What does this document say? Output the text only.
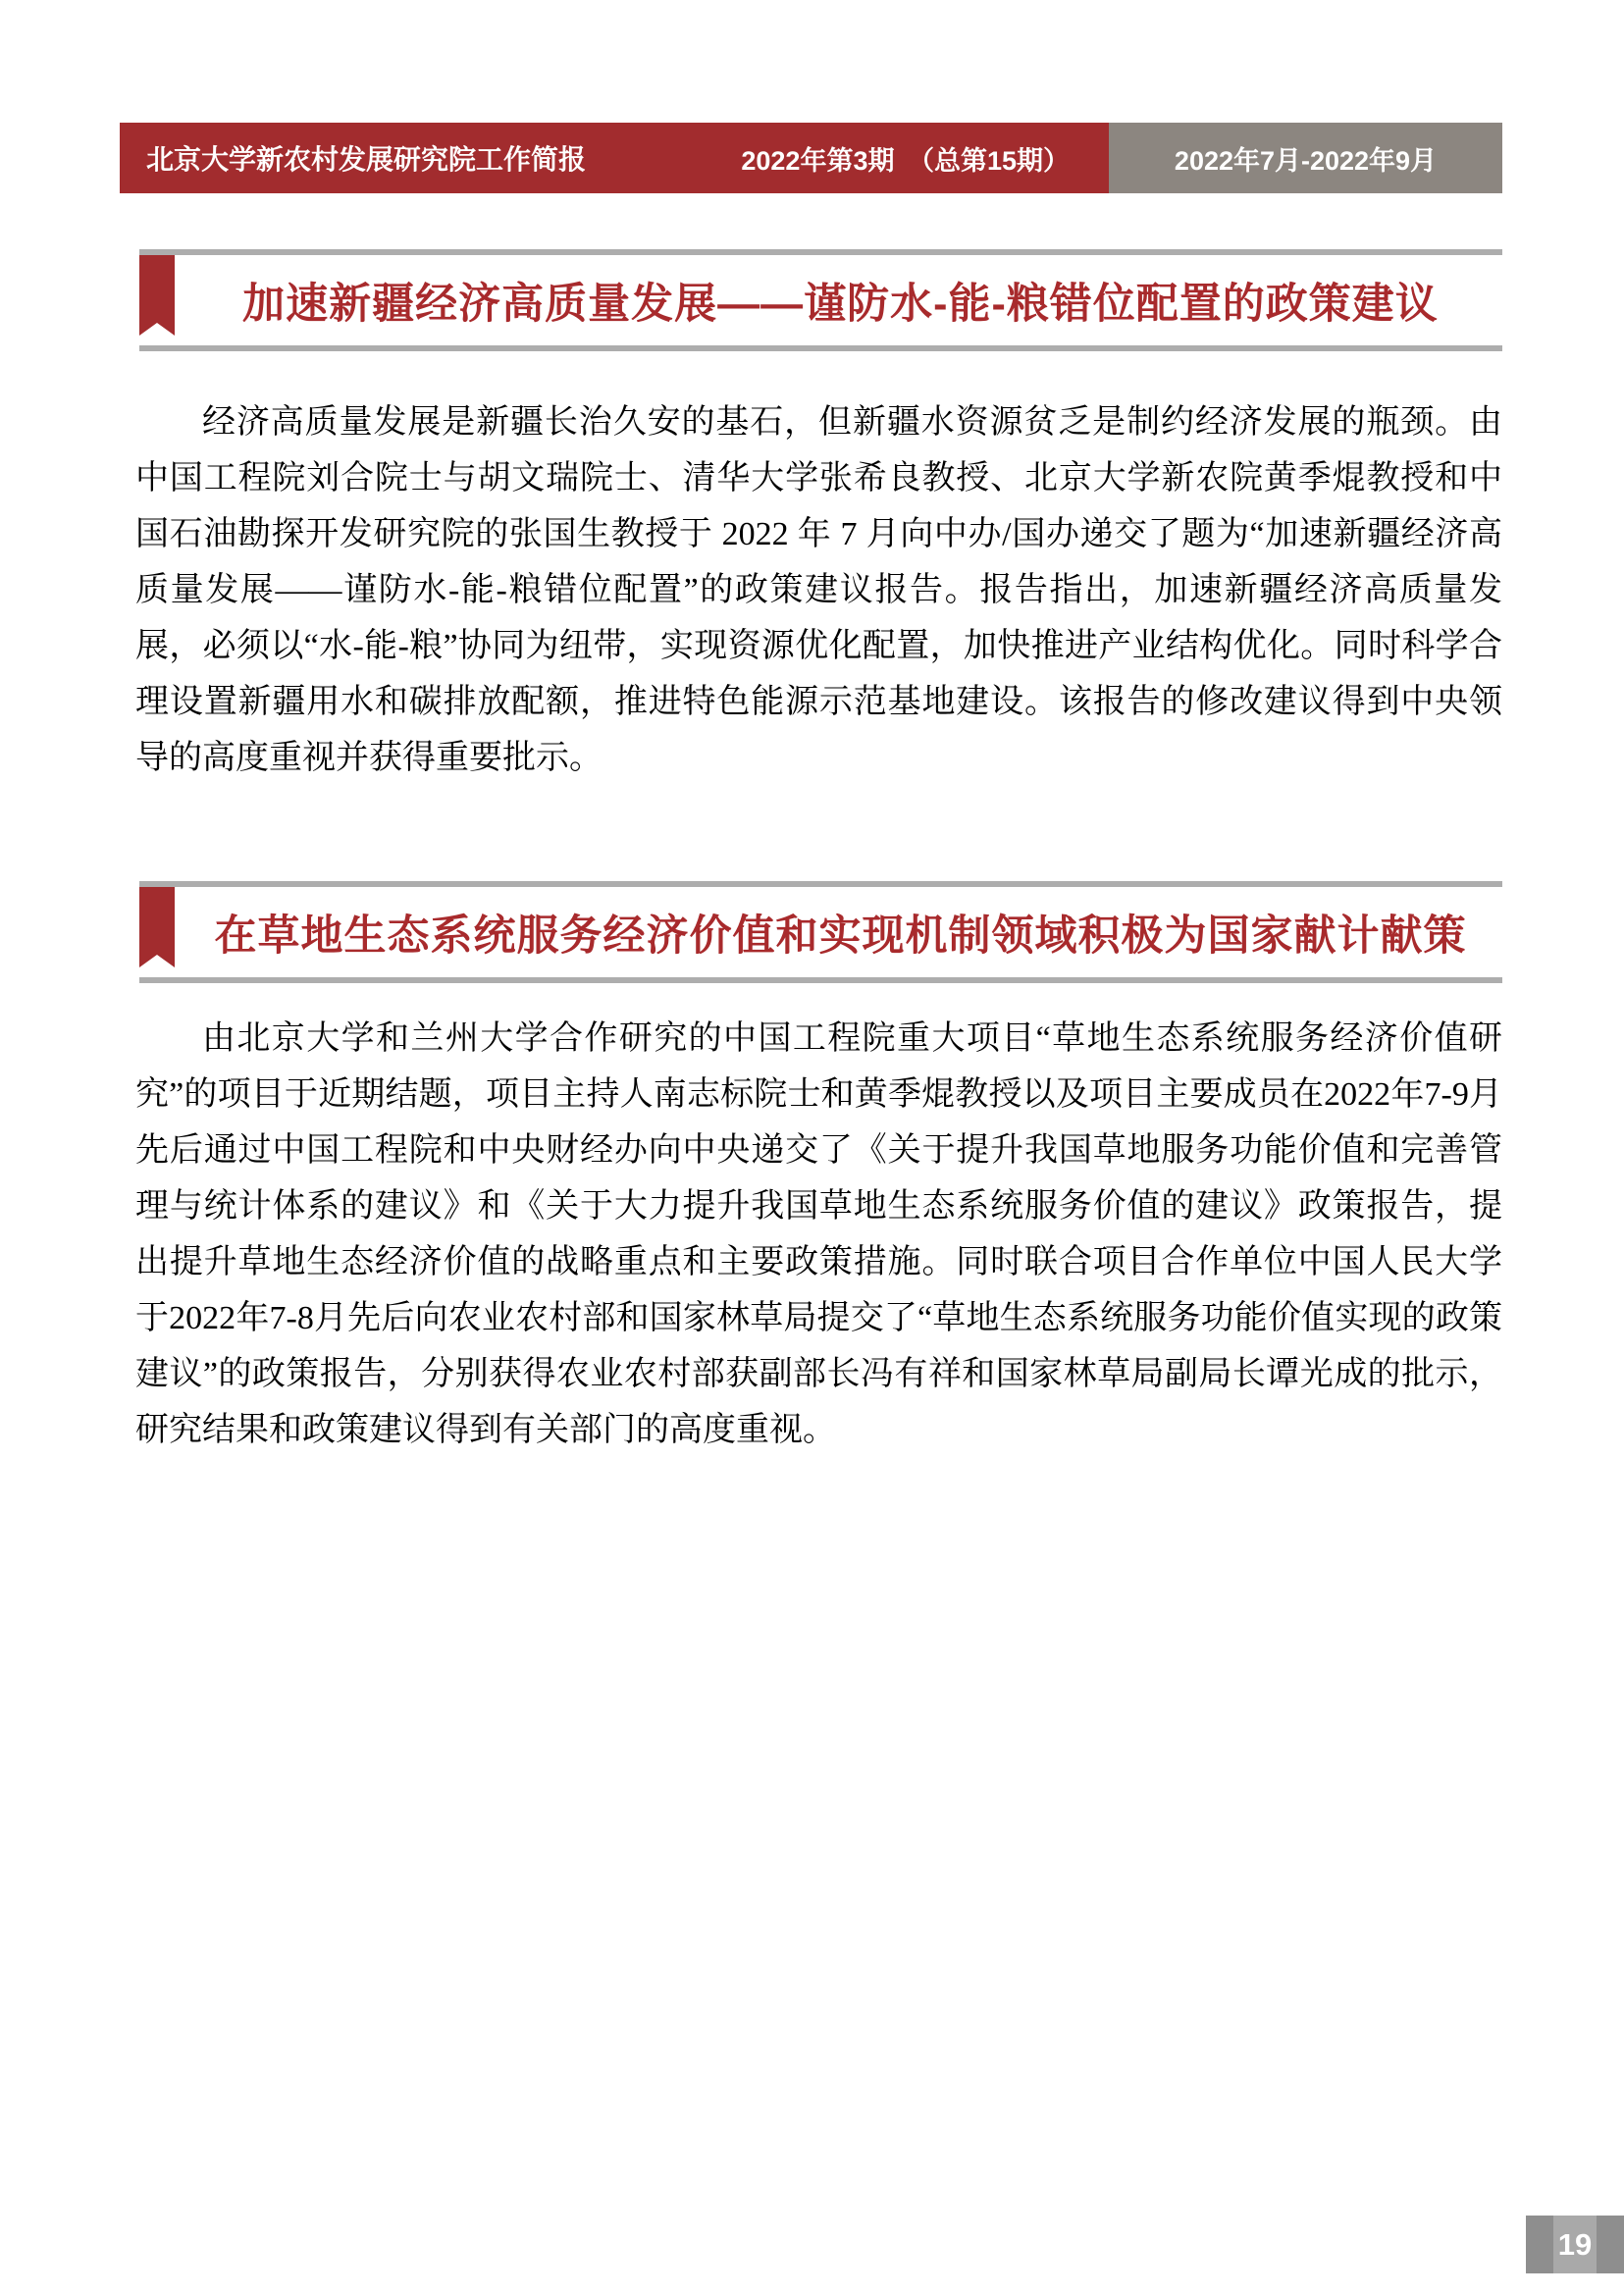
北京大学新农村发展研究院工作简报	2022年第3期　（总第15期）	2022年7月-2022年9月
加速新疆经济高质量发展——谨防水-能-粮错位配置的政策建议

经济高质量发展是新疆长治久安的基石，但新疆水资源贫乏是制约经济发展的瓶颈。由中国工程院刘合院士与胡文瑞院士、清华大学张希良教授、北京大学新农院黄季焜教授和中国石油勘探开发研究院的张国生教授于 2022 年 7 月向中办/国办递交了题为“加速新疆经济高质量发展——谨防水-能-粮错位配置”的政策建议报告。报告指出，加速新疆经济高质量发展，必须以“水-能-粮”协同为纽带，实现资源优化配置，加快推进产业结构优化。同时科学合理设置新疆用水和碳排放配额，推进特色能源示范基地建设。该报告的修改建议得到中央领导的高度重视并获得重要批示。

在草地生态系统服务经济价值和实现机制领域积极为国家献计献策

由北京大学和兰州大学合作研究的中国工程院重大项目“草地生态系统服务经济价值研究”的项目于近期结题，项目主持人南志标院士和黄季焜教授以及项目主要成员在2022年7-9月先后通过中国工程院和中央财经办向中央递交了《关于提升我国草地服务功能价值和完善管理与统计体系的建议》和《关于大力提升我国草地生态系统服务价值的建议》政策报告，提出提升草地生态经济价值的战略重点和主要政策措施。同时联合项目合作单位中国人民大学于2022年7-8月先后向农业农村部和国家林草局提交了“草地生态系统服务功能价值实现的政策建议”的政策报告，分别获得农业农村部获副部长冯有祥和国家林草局副局长谭光成的批示，研究结果和政策建议得到有关部门的高度重视。

19
